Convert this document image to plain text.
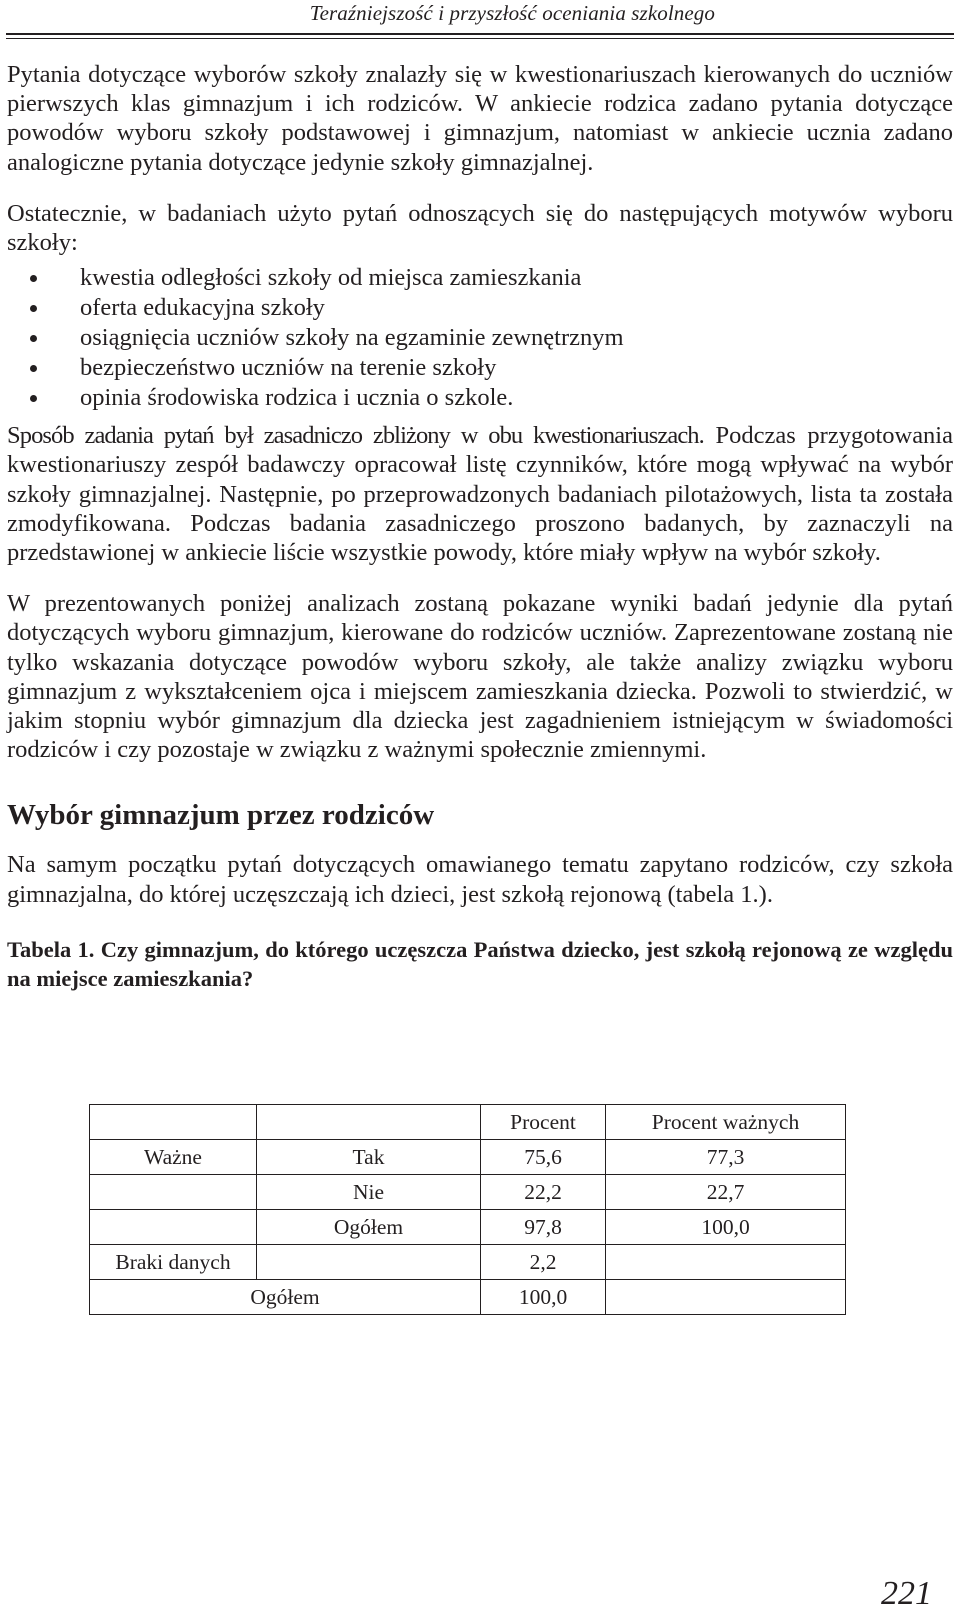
Teraźniejszość i przyszłość oceniania szkolnego

Pytania dotyczące wyborów szkoły znalazły się w kwestionariuszach kierowanych do uczniów pierwszych klas gimnazjum i ich rodziców. W ankiecie rodzica zadano pytania dotyczące powodów wyboru szkoły podstawowej i gimnazjum, natomiast w ankiecie ucznia zadano analogiczne pytania dotyczące jedynie szkoły gimnazjalnej.

Ostatecznie, w badaniach użyto pytań odnoszących się do następujących motywów wyboru szkoły:

kwestia odległości szkoły od miejsca zamieszkania
oferta edukacyjna szkoły
osiągnięcia uczniów szkoły na egzaminie zewnętrznym
bezpieczeństwo uczniów na terenie szkoły
opinia środowiska rodzica i ucznia o szkole.

Sposób zadania pytań był zasadniczo zbliżony w obu kwestionariuszach. Podczas przygotowania kwestionariuszy zespół badawczy opracował listę czynników, które mogą wpływać na wybór szkoły gimnazjalnej. Następnie, po przeprowadzonych badaniach pilotażowych, lista ta została zmodyfikowana. Podczas badania zasadniczego proszono badanych, by zaznaczyli na przedstawionej w ankiecie liście wszystkie powody, które miały wpływ na wybór szkoły.

W prezentowanych poniżej analizach zostaną pokazane wyniki badań jedynie dla pytań dotyczących wyboru gimnazjum, kierowane do rodziców uczniów. Zaprezentowane zostaną nie tylko wskazania dotyczące powodów wyboru szkoły, ale także analizy związku wyboru gimnazjum z wykształceniem ojca i miejscem zamieszkania dziecka. Pozwoli to stwierdzić, w jakim stopniu wybór gimnazjum dla dziecka jest zagadnieniem istniejącym w świadomości rodziców i czy pozostaje w związku z ważnymi społecznie zmiennymi.

Wybór gimnazjum przez rodziców

Na samym początku pytań dotyczących omawianego tematu zapytano rodziców, czy szkoła gimnazjalna, do której uczęszczają ich dzieci, jest szkołą rejonową (tabela 1.).

Tabela 1. Czy gimnazjum, do którego uczęszcza Państwa dziecko, jest szkołą rejonową ze względu na miejsce zamieszkania?

		Procent	Procent ważnych
Ważne	Tak	75,6	77,3
	Nie	22,2	22,7
	Ogółem	97,8	100,0
Braki danych		2,2	
Ogółem		100,0	
221
